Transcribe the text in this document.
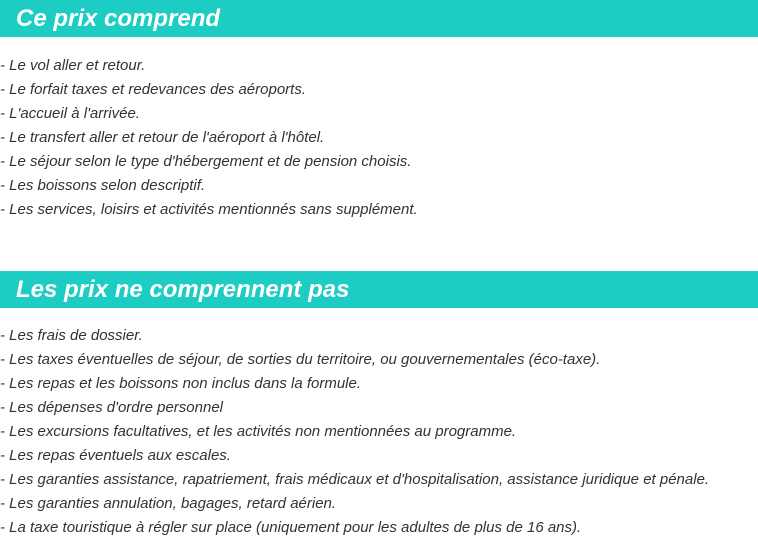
Ce prix comprend
- Le vol aller et retour.
- Le forfait taxes et redevances des aéroports.
- L'accueil à l'arrivée.
- Le transfert aller et retour de l'aéroport à l'hôtel.
- Le séjour selon le type d'hébergement et de pension choisis.
- Les boissons selon descriptif.
- Les services, loisirs et activités mentionnés sans supplément.
Les prix ne comprennent pas
- Les frais de dossier.
- Les taxes éventuelles de séjour, de sorties du territoire, ou gouvernementales (éco-taxe).
- Les repas et les boissons non inclus dans la formule.
- Les dépenses d'ordre personnel
- Les excursions facultatives, et les activités non mentionnées au programme.
- Les repas éventuels aux escales.
- Les garanties assistance, rapatriement, frais médicaux et d'hospitalisation, assistance juridique et pénale.
- Les garanties annulation, bagages, retard aérien.
- La taxe touristique à régler sur place (uniquement pour les adultes de plus de 16 ans).
